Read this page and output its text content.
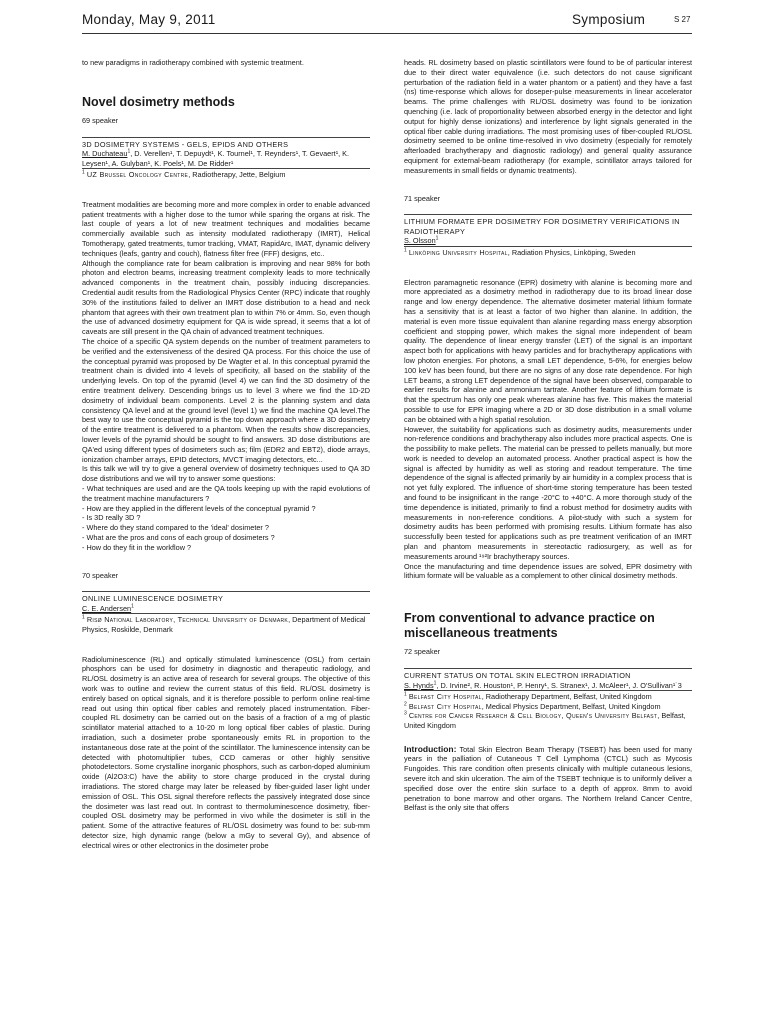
Monday, May 9, 2011	Symposium	S 27

to new paradigms in radiotherapy combined with systemic treatment.

Novel dosimetry methods

69 speaker

3D DOSIMETRY SYSTEMS - GELS, EPIDS AND OTHERS

M. Duchateau$^1$, D. Verellen¹, T. Depuydt¹, K. Tournel¹, T. Reynders¹, T. Gevaert¹, K. Leysen¹, A. Gulyban¹, K. Poels¹, M. De Ridder¹

$^1$ UZ Brussel Oncology Centre, Radiotherapy, Jette, Belgium

Treatment modalities are becoming more and more complex in order to enable advanced patient treatments with a higher dose to the tumor while sparing the organs at risk. The last couple of years a lot of new treatment techniques and modalities became commercially available such as intensity modulated radiotherapy (IMRT), Helical Tomotherapy, gated treatments, tumor tracking, VMAT, RapidArc, IMAT, dynamic delivery techniques (leafs, gantry and couch), flatness filter free (FFF) designs, etc..

Although the compliance rate for beam calibration is improving and near 98% for both photon and electron beams, increasing treatment complexity leads to more technically advanced components in the treatment chain, possibly inducing discrepancies. Credential audit results from the Radiological Physics Center (RPC) indicate that roughly 30% of the institutions failed to deliver an IMRT dose distribution to a head and neck phantom that agrees with their own treatment plan to within 7% or 4mm. So, even though the use of advanced dosimetry equipment for QA is wide spread, it seems that a lot of caveats are still present in the QA chain of advanced treatment techniques.

The choice of a specific QA system depends on the number of treatment parameters to be verified and the extensiveness of the desired QA process. For this choice the use of the conceptual pyramid was proposed by De Wagter et al. In this conceptual pyramid the treatment chain is divided into 4 levels of specificity, all based on the stability of the underlying levels. On top of the pyramid (level 4) we can find the 3D dosimetry of the entire treatment delivery. Descending brings us to level 3 where we find the 1D-2D dosimetry of individual beam components. Level 2 is the planning system and data consistency QA level and at the ground level (level 1) we find the machine QA level.The best way to use the conceptual pyramid is the top down approach where a 3D dosimetry of the entire treatment is delivered to a phantom. When the results show discrepancies, lower levels of the pyramid should be sought to find answers. 3D dose distributions are QA'ed using different types of dosimeters such as; film (EDR2 and EBT2), diode arrays, ionization chamber arrays, EPID detectors, MVCT imaging detectors, etc...

Is this talk we will try to give a general overview of dosimetry techniques used to QA 3D dose distributions and we will try to answer some questions:

- What techniques are used and are the QA tools keeping up with the rapid evolutions of the treatment machine manufacturers ?

- How are they applied in the different levels of the conceptual pyramid ?

- Is 3D really 3D ?

- Where do they stand compared to the 'ideal' dosimeter ?

- What are the pros and cons of each group of dosimeters ?

- How do they fit in the workflow ?

70 speaker

ONLINE LUMINESCENCE DOSIMETRY

C. E. Andersen$^1$

$^1$ Risø National Laboratory, Technical University of Denmark, Department of Medical Physics, Roskilde, Denmark

Radioluminescence (RL) and optically stimulated luminescence (OSL) from certain phosphors can be used for dosimetry in diagnostic and therapeutic radiology, and RL/OSL dosimetry is an active area of research for several groups. The objective of this work was to outline and review the current status of this field. RL/OSL dosimetry is entirely based on optical signals, and it is therefore possible to perform online real-time read out using thin optical fiber cables and remotely placed instrumentation. Fiber-coupled RL dosimetry can be carried out on the basis of a fraction of a mg of plastic scintillator material attached to a 10-20 m long optical fiber cables of plastic. During irradiation, such a dosimeter probe spontaneously emits RL in proportion to the instantaneous dose rate at the point of the scintillator. The luminescence intensity can be detected with photomultiplier tubes, CCD cameras or other highly sensitive photodetectors. Some crystalline inorganic phosphors, such as carbon-doped aluminium oxide (Al2O3:C) have the ability to store charge produced in the crystal during irradiations. The stored charge may later be released by fiber-guided laser light under emission of OSL. This OSL signal therefore reflects the passively integrated dose since the dosimeter was last read out. In contrast to thermoluminescence dosimetry, fiber-coupled OSL dosimetry may be performed in vivo while the dosimeter is still in the patient. Some of the attractive features of RL/OSL dosimetry was found to be: sub-mm detector size, high dynamic range (below a mGy to several Gy), and absence of electrical wires or other electronics in the dosimeter probe

heads. RL dosimetry based on plastic scintillators were found to be of particular interest due to their direct water equivalence (i.e. such detectors do not cause significant perturbation of the radiation field in a water phantom or a patient) and they have a fast (ns) time-response which allows for doseper-pulse measurements in linear accelerator beams. The prime challenges with RL/OSL dosimetry was found to be ionization quenching (i.e. lack of proportionality between absorbed energy in the detector and light output for highly dense ionizations) and interference by light signals generated in the optical fiber cable during irradiations. The most promising uses of fiber-coupled RL/OSL dosimetry seemed to be online time-resolved in vivo dosimetry (especially for remotely afterloaded brachytherapy and diagnostic radiology) and general quality assurance equipment for external-beam radiotherapy (for example, scintillator arrays tailored for measurements in small fields or dynamic treatments).

71 speaker

LITHIUM FORMATE EPR DOSIMETRY FOR DOSIMETRY VERIFICATIONS IN RADIOTHERAPY

S. Olsson$^1$

$^1$ Linköping University Hospital, Radiation Physics, Linköping, Sweden

Electron paramagnetic resonance (EPR) dosimetry with alanine is becoming more and more appreciated as a dosimetry method in radiotherapy due to its broad linear dose range and low energy dependence. The alternative dosimeter material lithium formate has a sensitivity that is at least a factor of two higher than alanine. In addition, the material is even more tissue equivalent than alanine regarding mass energy absorption coefficient and stopping power, which makes the signal more independent of beam quality. The dependence of linear energy transfer (LET) of the signal is an important aspect both for applications with heavy particles and for brachytherapy applications with low photon energies. For photons, a small LET dependence, 5-6%, for energies below 100 keV has been found, but there are no signs of any dose rate dependence. For high LET beams, a strong LET dependence of the signal have been observed, comparable to earlier results for alanine and ammonium tartrate. Another feature of lithium formate is that the spectrum has only one peak whereas alanine has five. This makes the material possible to use for EPR imaging where a 2D or 3D dose distribution in a small volume can be obtained with a high spatial resolution.

However, the suitability for applications such as dosimetry audits, measurements under non-reference conditions and brachytherapy also includes more practical aspects. One is the possibility to make pellets. The material can be pressed to pellets manually, but more work is needed to develop an automated process. Another practical aspect is how the signal is affected by humidity as well as storing and readout temperature. The time dependence of the signal is affected primarily by air humidity in a complex process that is not yet fully explored. The influence of short-time storing temperature has been tested and found to be insignificant in the range -20°C to +40°C. A more thorough study of the time dependence is initiated, primarily to find a robust method for dosimetry audits with measurements in non-reference conditions. A pilot-study with such a system for dosimetry audits has been performed with promising results. Lithium formate has also successfully been tested for applications such as pre treatment verification of an IMRT plan and phantom measurements in stereotactic radiosurgery, as well as for measurements around ¹⁹²Ir brachytherapy sources.

Once the manufacturing and time dependence issues are solved, EPR dosimetry with lithium formate will be valuable as a complement to other clinical dosimetry methods.

From conventional to advance practice on miscellaneous treatments

72 speaker

CURRENT STATUS ON TOTAL SKIN ELECTRON IRRADIATION

S. Hynds$^1$, D. Irvine², R. Houston¹, P. Henry¹, S. Stranex¹, J. McAleer¹, J. O'Sullivan¹˙3

$^1$ Belfast City Hospital, Radiotherapy Department, Belfast, United Kingdom

$^2$ Belfast City Hospital, Medical Physics Department, Belfast, United Kingdom

$^3$ Centre for Cancer Research & Cell Biology, Queen's University Belfast, Belfast, United Kingdom

Introduction: Total Skin Electron Beam Therapy (TSEBT) has been used for many years in the palliation of Cutaneous T Cell Lymphoma (CTCL) such as Mycosis Fungoides. This rare condition often presents clinically with multiple cutaneous lesions, severe itch and skin ulceration. The aim of the TSEBT technique is to uniformly deliver a specified dose over the entire skin surface to a depth of approx. 8mm to avoid penetration to bone marrow and other organs. The Northern Ireland Cancer Centre, Belfast is the only site that offers
